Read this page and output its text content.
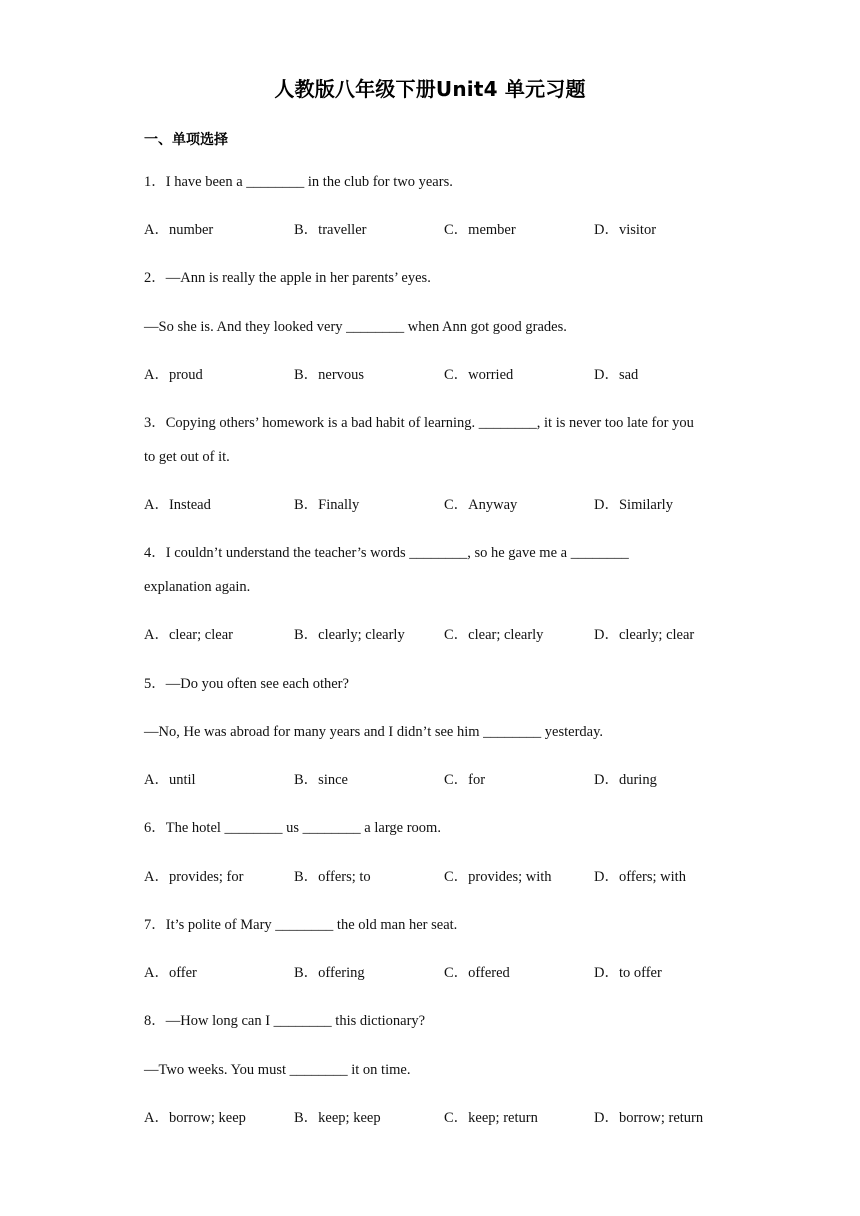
人教版八年级下册Unit4 单元习题
一、单项选择
1．I have been a ________ in the club for two years.
A．number	B．traveller	C．member	D．visitor
2．—Ann is really the apple in her parents’ eyes.
—So she is. And they looked very ________ when Ann got good grades.
A．proud	B．nervous	C．worried	D．sad
3．Copying others’ homework is a bad habit of learning. ________, it is never too late for you
to get out of it.
A．Instead	B．Finally	C．Anyway	D．Similarly
4．I couldn’t understand the teacher’s words ________, so he gave me a ________
explanation again.
A．clear; clear	B．clearly; clearly	C．clear; clearly	D．clearly; clear
5．—Do you often see each other?
—No, He was abroad for many years and I didn’t see him ________ yesterday.
A．until	B．since	C．for	D．during
6．The hotel ________ us ________ a large room.
A．provides; for	B．offers; to	C．provides; with	D．offers; with
7．It’s polite of Mary ________ the old man her seat.
A．offer	B．offering	C．offered	D．to offer
8．—How long can I ________ this dictionary?
—Two weeks. You must ________ it on time.
A．borrow; keep	B．keep; keep	C．keep; return	D．borrow; return
